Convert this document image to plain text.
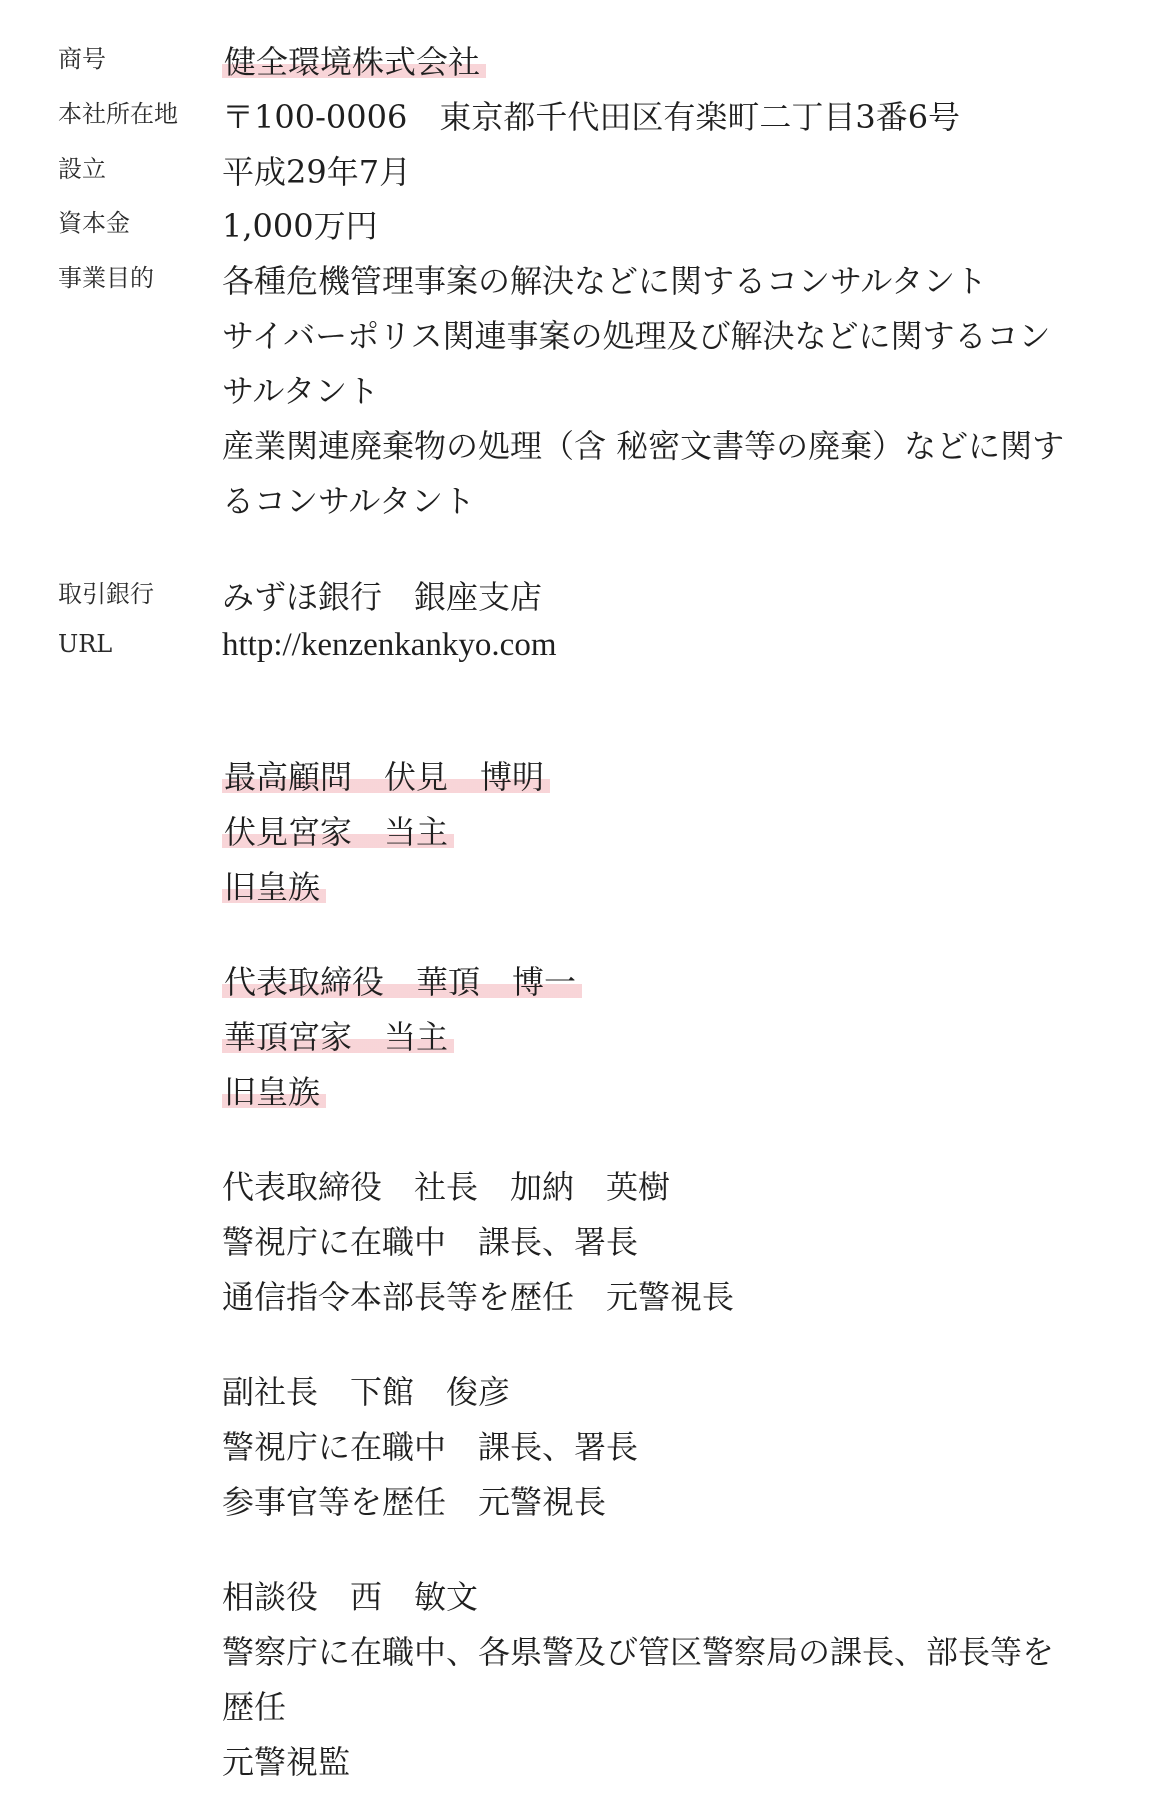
商号	健全環境株式会社
本社所在地 〒100-0006　東京都千代田区有楽町二丁目3番6号
設立	平成29年7月
資本金	1,000万円
事業目的 各種危機管理事案の解決などに関するコンサルタント
サイバーポリス関連事案の処理及び解決などに関するコン
サルタント
産業関連廃棄物の処理（含 秘密文書等の廃棄）などに関す
るコンサルタント
取引銀行 みずほ銀行　銀座支店
URL	http://kenzenkankyo.com
最高顧問　伏見　博明
伏見宮家　当主
旧皇族
代表取締役　華頂　博一
華頂宮家　当主
旧皇族
代表取締役　社長　加納　英樹
警視庁に在職中　課長、署長
通信指令本部長等を歴任　元警視長
副社長　下館　俊彦
警視庁に在職中　課長、署長
参事官等を歴任　元警視長
相談役　西　敏文
警察庁に在職中、各県警及び管区警察局の課長、部長等を
歴任
元警視監
